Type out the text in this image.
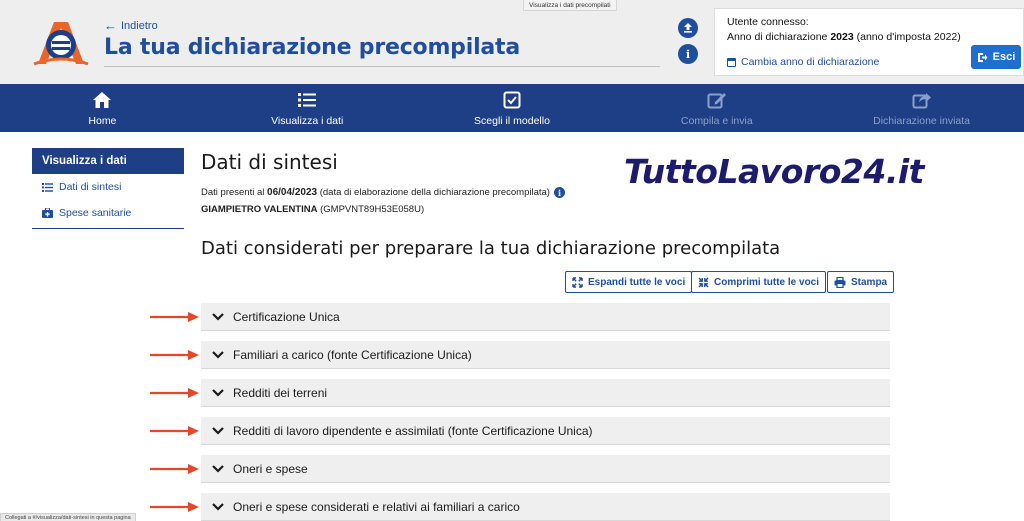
← Indietro
La tua dichiarazione precompilata
Visualizza i dati precompilati
i
Utente connesso:
Anno di dichiarazione 2023 (anno d'imposta 2022)
Cambia anno di dichiarazione	Esci
Home	Visualizza i dati	Scegli il modello	Compila e invia	Dichiarazione inviata
Visualizza i dati
Dati di sintesi
Spese sanitarie
Dati di sintesi
Dati presenti al 06/04/2023 (data di elaborazione della dichiarazione precompilata) i
GIAMPIETRO VALENTINA (GMPVNT89H53E058U)
TuttoLavoro24.it
Dati considerati per preparare la tua dichiarazione precompilata
Espandi tutte le voci	Comprimi tutte le voci	Stampa
Certificazione Unica
Familiari a carico (fonte Certificazione Unica)
Redditi dei terreni
Redditi di lavoro dipendente e assimilati (fonte Certificazione Unica)
Oneri e spese
Oneri e spese considerati e relativi ai familiari a carico
Collegati a #/visualizza/dati-sintesi in questa pagina
